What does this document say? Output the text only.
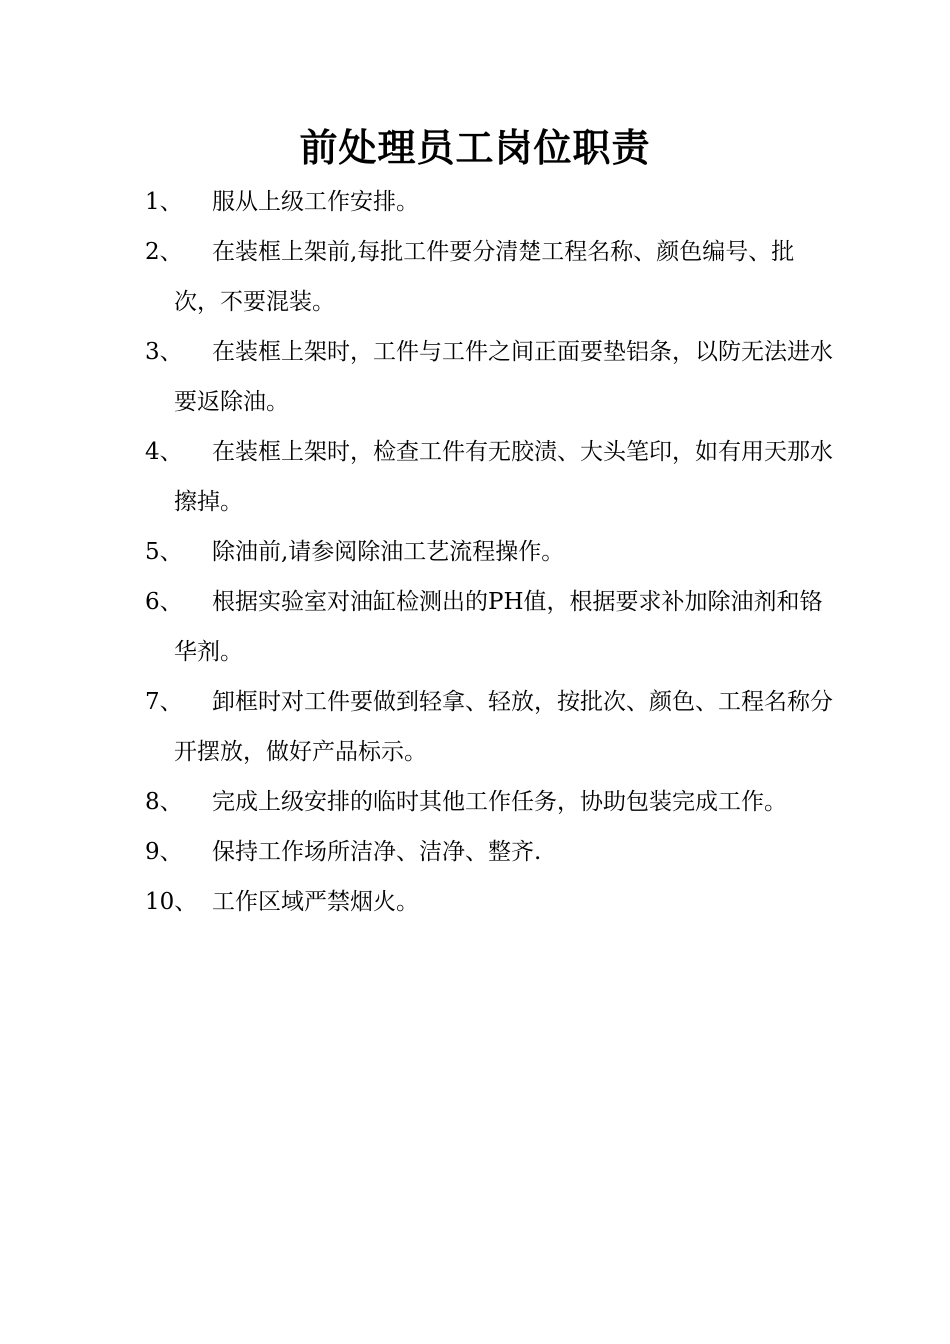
前处理员工岗位职责
1、	服从上级工作安排。
2、	在装框上架前,每批工件要分清楚工程名称、颜色编号、批次，不要混装。
3、	在装框上架时，工件与工件之间正面要垫铝条，以防无法进水要返除油。
4、	在装框上架时，检查工件有无胶渍、大头笔印，如有用天那水擦掉。
5、	除油前,请参阅除油工艺流程操作。
6、	根据实验室对油缸检测出的PH值，根据要求补加除油剂和铬华剂。
7、	卸框时对工件要做到轻拿、轻放，按批次、颜色、工程名称分开摆放，做好产品标示。
8、	完成上级安排的临时其他工作任务，协助包装完成工作。
9、	保持工作场所洁净、洁净、整齐.
10、 工作区域严禁烟火。
